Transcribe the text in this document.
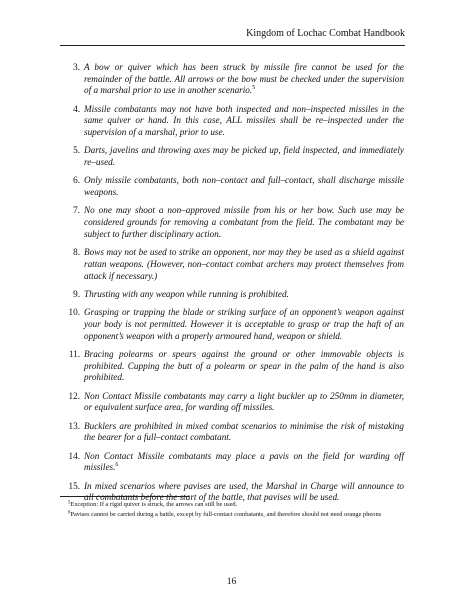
Kingdom of Lochac Combat Handbook
3. A bow or quiver which has been struck by missile fire cannot be used for the remainder of the battle. All arrows or the bow must be checked under the supervision of a marshal prior to use in another scenario.$^5$
4. Missile combatants may not have both inspected and non–inspected missiles in the same quiver or hand. In this case, ALL missiles shall be re–inspected under the supervision of a marshal, prior to use.
5. Darts, javelins and throwing axes may be picked up, field inspected, and immediately re–used.
6. Only missile combatants, both non–contact and full–contact, shall discharge missile weapons.
7. No one may shoot a non–approved missile from his or her bow. Such use may be considered grounds for removing a combatant from the field. The combatant may be subject to further disciplinary action.
8. Bows may not be used to strike an opponent, nor may they be used as a shield against rattan weapons. (However, non–contact combat archers may protect themselves from attack if necessary.)
9. Thrusting with any weapon while running is prohibited.
10. Grasping or trapping the blade or striking surface of an opponent’s weapon against your body is not permitted. However it is acceptable to grasp or trap the haft of an opponent’s weapon with a properly armoured hand, weapon or shield.
11. Bracing polearms or spears against the ground or other immovable objects is prohibited. Cupping the butt of a polearm or spear in the palm of the hand is also prohibited.
12. Non Contact Missile combatants may carry a light buckler up to 250mm in diameter, or equivalent surface area, for warding off missiles.
13. Bucklers are prohibited in mixed combat scenarios to minimise the risk of mistaking the bearer for a full–contact combatant.
14. Non Contact Missile combatants may place a pavis on the field for warding off missiles.$^6$
15. In mixed scenarios where pavises are used, the Marshal in Charge will announce to all combatants before the start of the battle, that pavises will be used.

$^5$Exception: If a rigid quiver is struck, the arrows can still be used.

$^6$Pavises cannot be carried during a battle, except by full-contact combatants, and therefore should not need orange pheons

16
